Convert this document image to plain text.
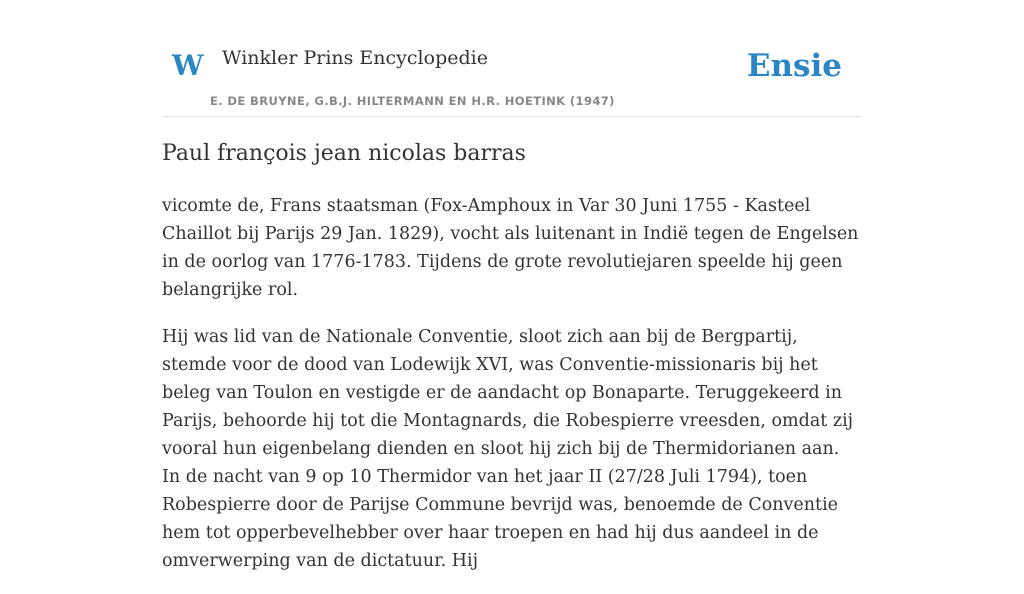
W Winkler Prins Encyclopedie
E. DE BRUYNE, G.B.J. HILTERMANN EN H.R. HOETINK (1947)
Ensie
Paul françois jean nicolas barras

vicomte de, Frans staatsman (Fox-Amphoux in Var 30 Juni 1755 - Kasteel Chaillot bij Parijs 29 Jan. 1829), vocht als luitenant in Indië tegen de Engelsen in de oorlog van 1776-1783. Tijdens de grote revolutiejaren speelde hij geen belangrijke rol.

Hij was lid van de Nationale Conventie, sloot zich aan bij de Bergpartij, stemde voor de dood van Lodewijk XVI, was Conventie-missionaris bij het beleg van Toulon en vestigde er de aandacht op Bonaparte. Teruggekeerd in Parijs, behoorde hij tot die Montagnards, die Robespierre vreesden, omdat zij vooral hun eigenbelang dienden en sloot hij zich bij de Thermidorianen aan. In de nacht van 9 op 10 Thermidor van het jaar II (27/28 Juli 1794), toen Robespierre door de Parijse Commune bevrijd was, benoemde de Conventie hem tot opperbevelhebber over haar troepen en had hij dus aandeel in de omverwerping van de dictatuur. Hij
